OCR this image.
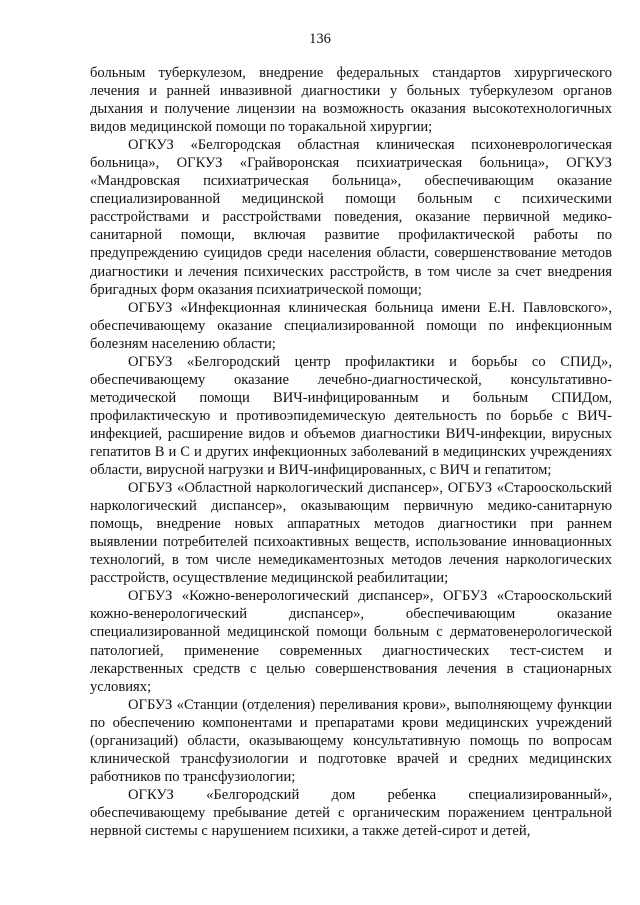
136

больным туберкулезом, внедрение федеральных стандартов хирургического лечения и ранней инвазивной диагностики у больных туберкулезом органов дыхания и получение лицензии на возможность оказания высокотехнологичных видов медицинской помощи по торакальной хирургии;

ОГКУЗ «Белгородская областная клиническая психоневрологическая больница», ОГКУЗ «Грайворонская психиатрическая больница», ОГКУЗ «Мандровская психиатрическая больница», обеспечивающим оказание специализированной медицинской помощи больным с психическими расстройствами и расстройствами поведения, оказание первичной медико-санитарной помощи, включая развитие профилактической работы по предупреждению суицидов среди населения области, совершенствование методов диагностики и лечения психических расстройств, в том числе за счет внедрения бригадных форм оказания психиатрической помощи;

ОГБУЗ «Инфекционная клиническая больница имени Е.Н. Павловского», обеспечивающему оказание специализированной помощи по инфекционным болезням населению области;

ОГБУЗ «Белгородский центр профилактики и борьбы со СПИД», обеспечивающему оказание лечебно-диагностической, консультативно-методической помощи ВИЧ-инфицированным и больным СПИДом, профилактическую и противоэпидемическую деятельность по борьбе с ВИЧ-инфекцией, расширение видов и объемов диагностики ВИЧ-инфекции, вирусных гепатитов В и С и других инфекционных заболеваний в медицинских учреждениях области, вирусной нагрузки и ВИЧ-инфицированных, с ВИЧ и гепатитом;

ОГБУЗ «Областной наркологический диспансер», ОГБУЗ «Старооскольский наркологический диспансер», оказывающим первичную медико-санитарную помощь, внедрение новых аппаратных методов диагностики при раннем выявлении потребителей психоактивных веществ, использование инновационных технологий, в том числе немедикаментозных методов лечения наркологических расстройств, осуществление медицинской реабилитации;

ОГБУЗ «Кожно-венерологический диспансер», ОГБУЗ «Старооскольский кожно-венерологический диспансер», обеспечивающим оказание специализированной медицинской помощи больным с дерматовенерологической патологией, применение современных диагностических тест-систем и лекарственных средств с целью совершенствования лечения в стационарных условиях;

ОГБУЗ «Станции (отделения) переливания крови», выполняющему функции по обеспечению компонентами и препаратами крови медицинских учреждений (организаций) области, оказывающему консультативную помощь по вопросам клинической трансфузиологии и подготовке врачей и средних медицинских работников по трансфузиологии;

ОГКУЗ «Белгородский дом ребенка специализированный», обеспечивающему пребывание детей с органическим поражением центральной нервной системы с нарушением психики, а также детей-сирот и детей,
